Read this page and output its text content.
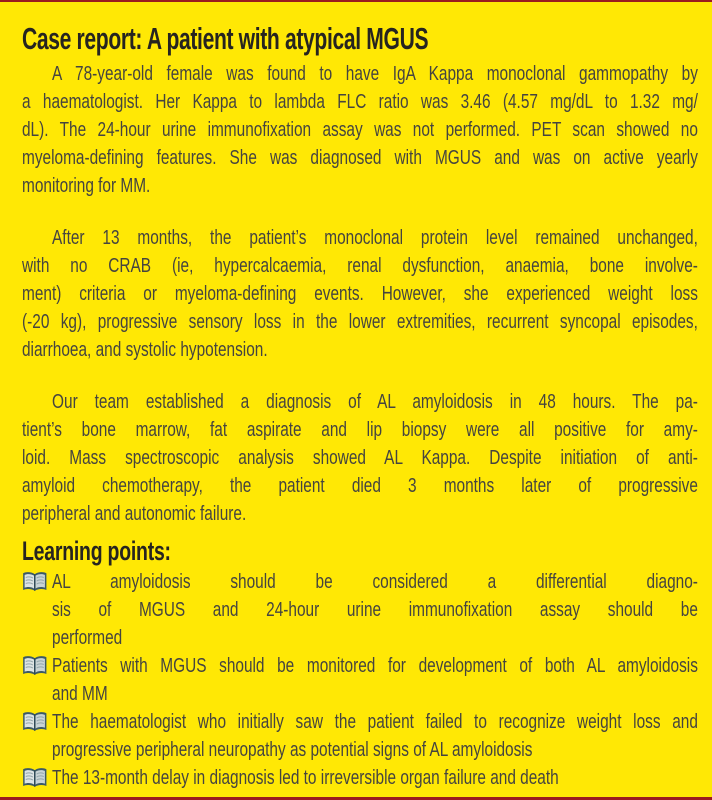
Case report: A patient with atypical MGUS
A 78-year-old female was found to have IgA Kappa monoclonal gammopathy by
a haematologist. Her Kappa to lambda FLC ratio was 3.46 (4.57 mg/dL to 1.32 mg/
dL). The 24-hour urine immunofixation assay was not performed. PET scan showed no
myeloma-defining features. She was diagnosed with MGUS and was on active yearly
monitoring for MM.
After 13 months, the patient’s monoclonal protein level remained unchanged,
with no CRAB (ie, hypercalcaemia, renal dysfunction, anaemia, bone involve-
ment) criteria or myeloma-defining events. However, she experienced weight loss
(-20 kg), progressive sensory loss in the lower extremities, recurrent syncopal episodes,
diarrhoea, and systolic hypotension.
Our team established a diagnosis of AL amyloidosis in 48 hours. The pa-
tient’s bone marrow, fat aspirate and lip biopsy were all positive for amy-
loid. Mass spectroscopic analysis showed AL Kappa. Despite initiation of anti-
amyloid chemotherapy, the patient died 3 months later of progressive
peripheral and autonomic failure.
Learning points:
AL amyloidosis should be considered a differential diagno-
sis of MGUS and 24-hour urine immunofixation assay should be
performed
Patients with MGUS should be monitored for development of both AL amyloidosis
and MM
The haematologist who initially saw the patient failed to recognize weight loss and
progressive peripheral neuropathy as potential signs of AL amyloidosis
The 13-month delay in diagnosis led to irreversible organ failure and death
